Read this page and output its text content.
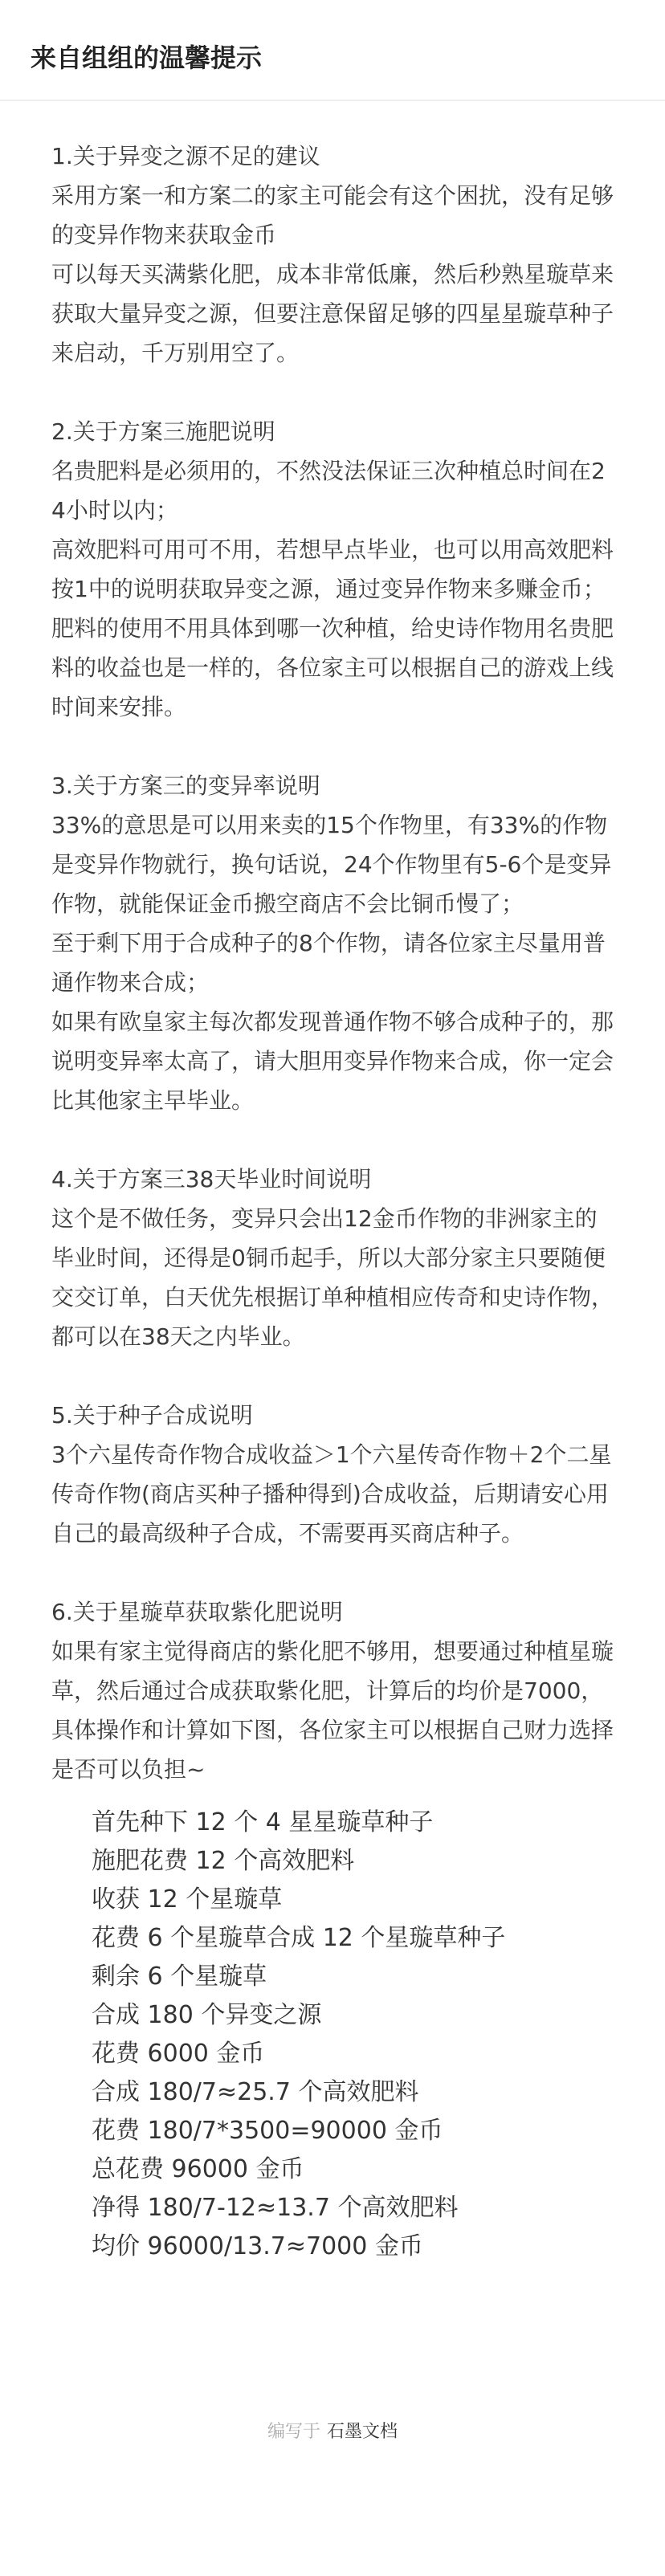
来自组组的温馨提示

1.关于异变之源不足的建议

采用方案一和方案二的家主可能会有这个困扰，没有足够的变异作物来获取金币

可以每天买满紫化肥，成本非常低廉，然后秒熟星璇草来获取大量异变之源，但要注意保留足够的四星星璇草种子来启动，千万别用空了。

2.关于方案三施肥说明

名贵肥料是必须用的，不然没法保证三次种植总时间在24小时以内；

高效肥料可用可不用，若想早点毕业，也可以用高效肥料按1中的说明获取异变之源，通过变异作物来多赚金币；

肥料的使用不用具体到哪一次种植，给史诗作物用名贵肥料的收益也是一样的，各位家主可以根据自己的游戏上线时间来安排。

3.关于方案三的变异率说明

33%的意思是可以用来卖的15个作物里，有33%的作物是变异作物就行，换句话说，24个作物里有5-6个是变异作物，就能保证金币搬空商店不会比铜币慢了；

至于剩下用于合成种子的8个作物，请各位家主尽量用普通作物来合成；

如果有欧皇家主每次都发现普通作物不够合成种子的，那说明变异率太高了，请大胆用变异作物来合成，你一定会比其他家主早毕业。

4.关于方案三38天毕业时间说明

这个是不做任务，变异只会出12金币作物的非洲家主的毕业时间，还得是0铜币起手，所以大部分家主只要随便交交订单，白天优先根据订单种植相应传奇和史诗作物，都可以在38天之内毕业。

5.关于种子合成说明

3个六星传奇作物合成收益＞1个六星传奇作物＋2个二星传奇作物(商店买种子播种得到)合成收益，后期请安心用自己的最高级种子合成，不需要再买商店种子。

6.关于星璇草获取紫化肥说明

如果有家主觉得商店的紫化肥不够用，想要通过种植星璇草，然后通过合成获取紫化肥，计算后的均价是7000，具体操作和计算如下图，各位家主可以根据自己财力选择是否可以负担~

首先种下 12 个 4 星星璇草种子
施肥花费 12 个高效肥料
收获 12 个星璇草
花费 6 个星璇草合成 12 个星璇草种子
剩余 6 个星璇草
合成 180 个异变之源
花费 6000 金币
合成 180/7≈25.7 个高效肥料
花费 180/7*3500=90000 金币
总花费 96000 金币
净得 180/7-12≈13.7 个高效肥料
均价 96000/13.7≈7000 金币
编写于 石墨文档
